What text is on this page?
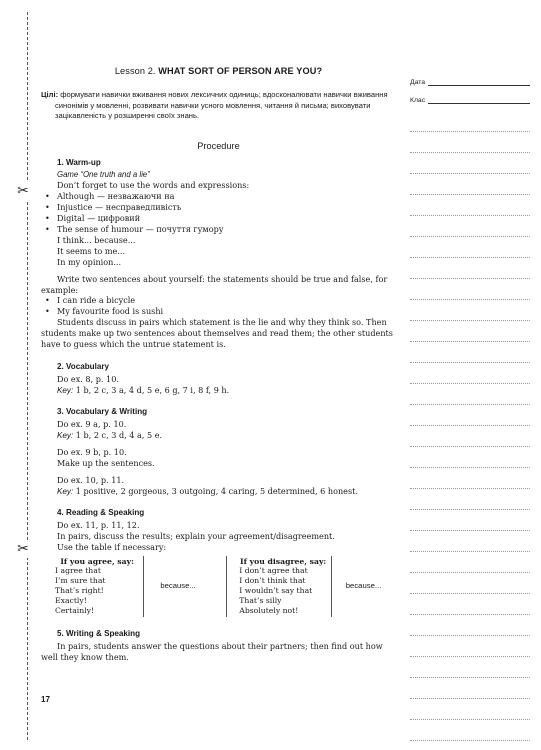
✂
✂
Lesson 2. WHAT SORT OF PERSON ARE YOU?
Цілі: формувати навички вживання нових лексичних одиниць; вдосконалювати навички вживання синонімів у мовленні, розвивати навички усного мовлення, читання й письма; виховувати зацікавленість у розширенні своїх знань.
Procedure
1. Warm-up
Game “One truth and a lie”
Don’t forget to use the words and expressions:
• Although — незважаючи на
• Injustice — несправедливість
• Digital — цифровий
• The sense of humour — почуття гумору
I think... because...
It seems to me...
In my opinion...
Write two sentences about yourself: the statements should be true and false, for example:
• I can ride a bicycle
• My favourite food is sushi
Students discuss in pairs which statement is the lie and why they think so. Then students make up two sentences about themselves and read them; the other students have to guess which the untrue statement is.
2. Vocabulary
Do ex. 8, p. 10.
Key: 1 b, 2 c, 3 a, 4 d, 5 e, 6 g, 7 i, 8 f, 9 h.
3. Vocabulary & Writing
Do ex. 9 a, p. 10.
Key: 1 b, 2 c, 3 d, 4 a, 5 e.
Do ex. 9 b, p. 10.
Make up the sentences.
Do ex. 10, p. 11.
Key: 1 positive, 2 gorgeous, 3 outgoing, 4 caring, 5 determined, 6 honest.
4. Reading & Speaking
Do ex. 11, p. 11, 12.
In pairs, discuss the results; explain your agreement/disagreement.
Use the table if necessary:
If you agree, say:
I agree that
I’m sure that
That’s right!
Exactly!
Certainly!
	because...		
If you disagree, say:
I don’t agree that
I don’t think that
I wouldn’t say that
That’s silly
Absolutely not!
	because...
5. Writing & Speaking
In pairs, students answer the questions about their partners; then find out how well they know them.
17
Дата
Клас
